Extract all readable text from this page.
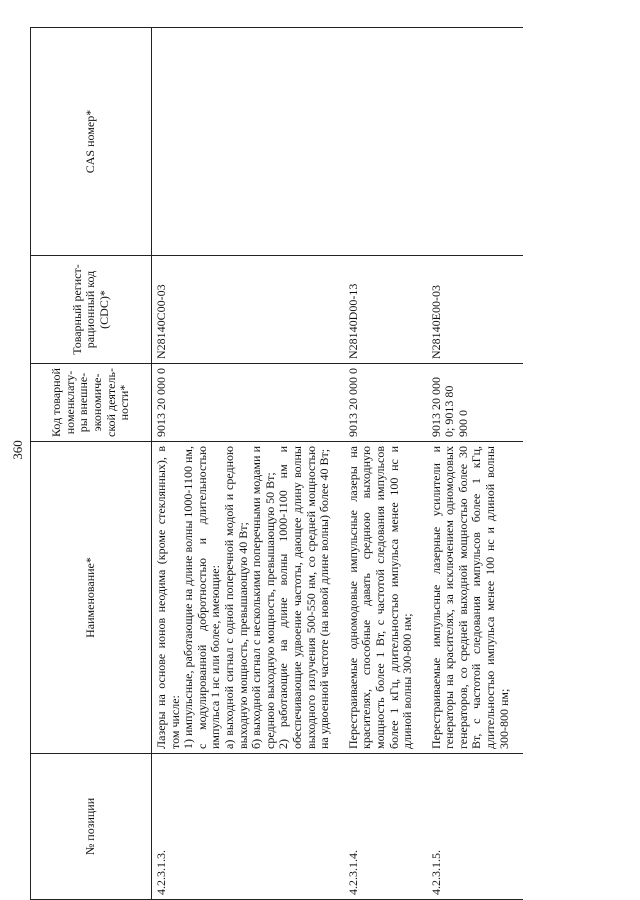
360
№ позиции	Наименование*	Код товарной номенклату-ры внешне-экономиче-ской деятель-ности*	Товарный регист-рационный код (CDC)*	CAS номер*
4.2.3.1.3.	Лазеры на основе ионов неодима (кроме стеклянных), в том числе:
1) импульсные, работающие на длине волны 1000-1100 нм, с модулированной добротностью и длительностью импульса 1 нс или более, имеющие:
а) выходной сигнал с одной поперечной модой и средною выходную мощность, превышающую 40 Вт;
б) выходной сигнал с несколькими поперечными модами и среднюю выходную мощность, превышающую 50 Вт;
2) работающие на длине волны 1000-1100 нм и обеспечивающие удвоение частоты, дающее длину волны выходного излучения 500-550 нм, со средней мощностью на удвоенной частоте (на новой длине волны) более 40 Вт;	9013 20 000 0	N28140C00-03	
4.2.3.1.4.	Перестраиваемые одномодовые импульсные лазеры на красителях, способные давать среднюю выходную мощность более 1 Вт, с частотой следования импульсов более 1 кГц, длительностью импульса менее 100 нс и длиной волны 300-800 нм;	9013 20 000 0	N28140D00-13	
4.2.3.1.5.	Перестраиваемые импульсные лазерные усилители и генераторы на красителях, за исключением одномодовых генераторов, со средней выходной мощностью более 30 Вт, с частотой следования импульсов более 1 кГц, длительностью импульса менее 100 нс и длиной волны 300-800 нм;	9013 20 000 0; 9013 80 900 0	N28140E00-03	
